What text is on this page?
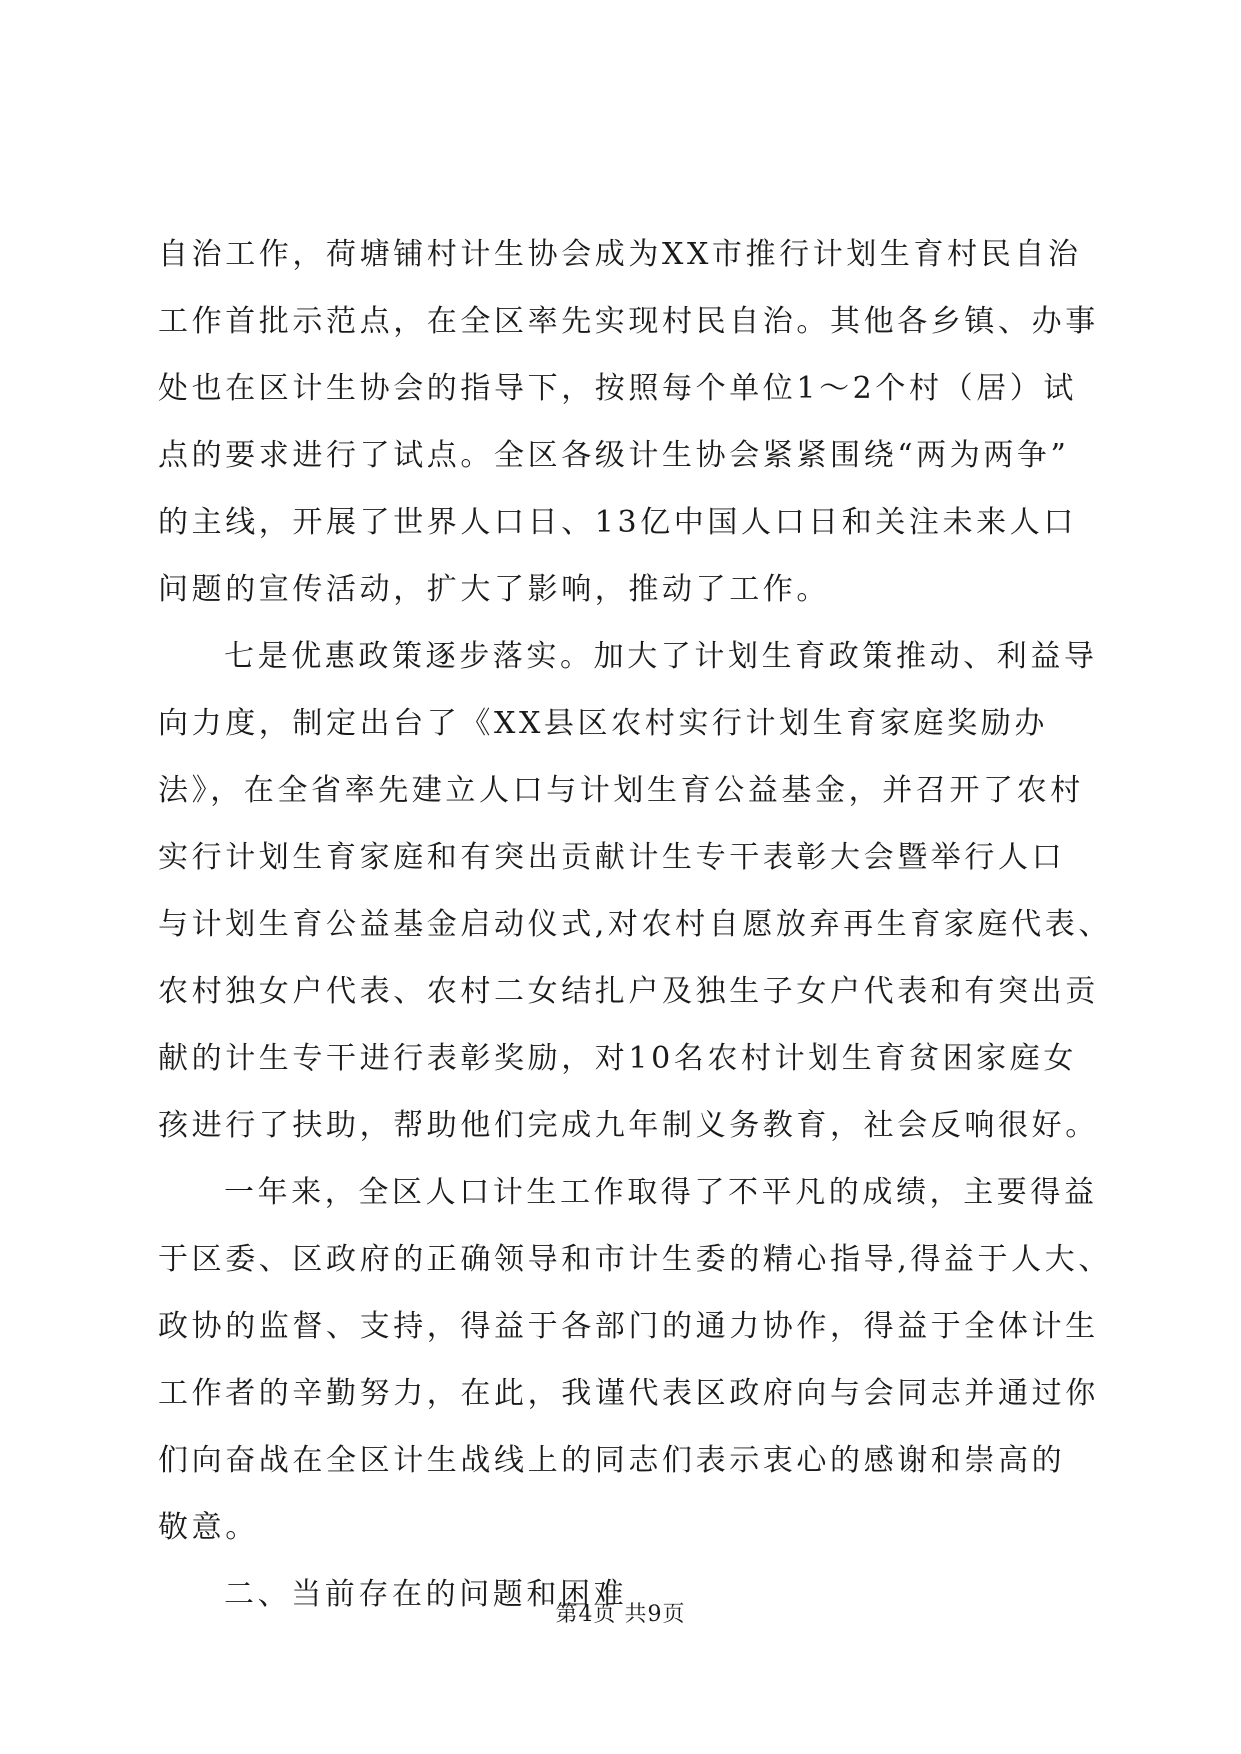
自治工作，荷塘铺村计生协会成为XX市推行计划生育村民自治
工作首批示范点，在全区率先实现村民自治。其他各乡镇、办事
处也在区计生协会的指导下，按照每个单位1～2个村（居）试
点的要求进行了试点。全区各级计生协会紧紧围绕“两为两争”
的主线，开展了世界人口日、13亿中国人口日和关注未来人口
问题的宣传活动，扩大了影响，推动了工作。
七是优惠政策逐步落实。加大了计划生育政策推动、利益导
向力度，制定出台了《XX县区农村实行计划生育家庭奖励办
法》，在全省率先建立人口与计划生育公益基金，并召开了农村
实行计划生育家庭和有突出贡献计生专干表彰大会暨举行人口
与计划生育公益基金启动仪式,对农村自愿放弃再生育家庭代表、
农村独女户代表、农村二女结扎户及独生子女户代表和有突出贡
献的计生专干进行表彰奖励，对10名农村计划生育贫困家庭女
孩进行了扶助，帮助他们完成九年制义务教育，社会反响很好。
一年来，全区人口计生工作取得了不平凡的成绩，主要得益
于区委、区政府的正确领导和市计生委的精心指导,得益于人大、
政协的监督、支持，得益于各部门的通力协作，得益于全体计生
工作者的辛勤努力，在此，我谨代表区政府向与会同志并通过你
们向奋战在全区计生战线上的同志们表示衷心的感谢和崇高的
敬意。
二、当前存在的问题和困难
第4页 共9页
